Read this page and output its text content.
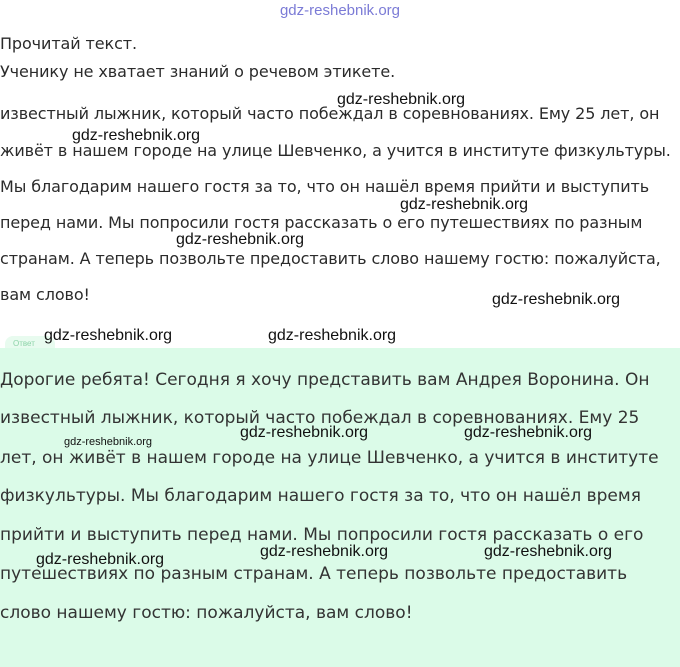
gdz-reshebnik.org
Прочитай текст.
Ученику не хватает знаний о речевом этикете.
известный лыжник, который часто побеждал в соревнованиях. Ему 25 лет, он
живёт в нашем городе на улице Шевченко, а учится в институте физкультуры.
Мы благодарим нашего гостя за то, что он нашёл время прийти и выступить
перед нами. Мы попросили гостя рассказать о его путешествиях по разным
странам. А теперь позвольте предоставить слово нашему гостю: пожалуйста,
вам слово!
Ответ
Дорогие ребята! Сегодня я хочу представить вам Андрея Воронина. Он
известный лыжник, который часто побеждал в соревнованиях. Ему 25
лет, он живёт в нашем городе на улице Шевченко, а учится в институте
физкультуры. Мы благодарим нашего гостя за то, что он нашёл время
прийти и выступить перед нами. Мы попросили гостя рассказать о его
путешествиях по разным странам. А теперь позвольте предоставить
слово нашему гостю: пожалуйста, вам слово!
gdz-reshebnik.org
gdz-reshebnik.org
gdz-reshebnik.org
gdz-reshebnik.org
gdz-reshebnik.org
gdz-reshebnik.org	gdz-reshebnik.org
gdz-reshebnik.org	gdz-reshebnik.org
gdz-reshebnik.org
gdz-reshebnik.org	gdz-reshebnik.org
gdz-reshebnik.org
